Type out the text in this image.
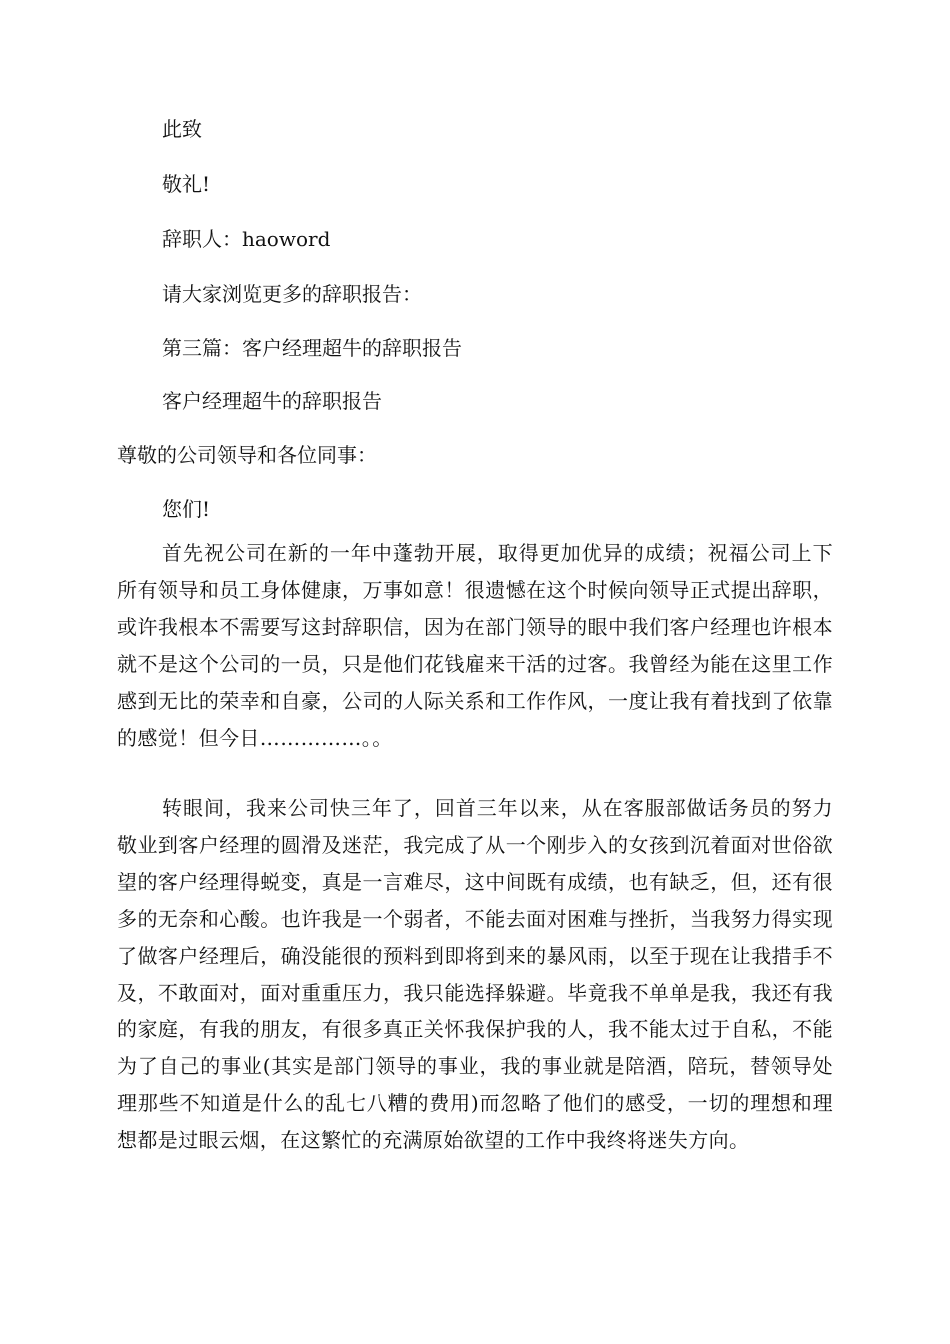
此致
敬礼!
辞职人：haoword
请大家浏览更多的辞职报告：
第三篇：客户经理超牛的辞职报告
客户经理超牛的辞职报告
尊敬的公司领导和各位同事：
您们!

首先祝公司在新的一年中蓬勃开展，取得更加优异的成绩；祝福公司上下所有领导和员工身体健康，万事如意！很遗憾在这个时候向领导正式提出辞职，或许我根本不需要写这封辞职信，因为在部门领导的眼中我们客户经理也许根本就不是这个公司的一员，只是他们花钱雇来干活的过客。我曾经为能在这里工作感到无比的荣幸和自豪，公司的人际关系和工作作风，一度让我有着找到了依靠的感觉！但今日……………。。

转眼间，我来公司快三年了，回首三年以来，从在客服部做话务员的努力敬业到客户经理的圆滑及迷茫，我完成了从一个刚步入的女孩到沉着面对世俗欲望的客户经理得蜕变，真是一言难尽，这中间既有成绩，也有缺乏，但，还有很多的无奈和心酸。也许我是一个弱者，不能去面对困难与挫折，当我努力得实现了做客户经理后，确没能很的预料到即将到来的暴风雨，以至于现在让我措手不及，不敢面对，面对重重压力，我只能选择躲避。毕竟我不单单是我，我还有我的家庭，有我的朋友，有很多真正关怀我保护我的人，我不能太过于自私，不能为了自己的事业(其实是部门领导的事业，我的事业就是陪酒，陪玩，替领导处理那些不知道是什么的乱七八糟的费用)而忽略了他们的感受，一切的理想和理想都是过眼云烟，在这繁忙的充满原始欲望的工作中我终将迷失方向。
